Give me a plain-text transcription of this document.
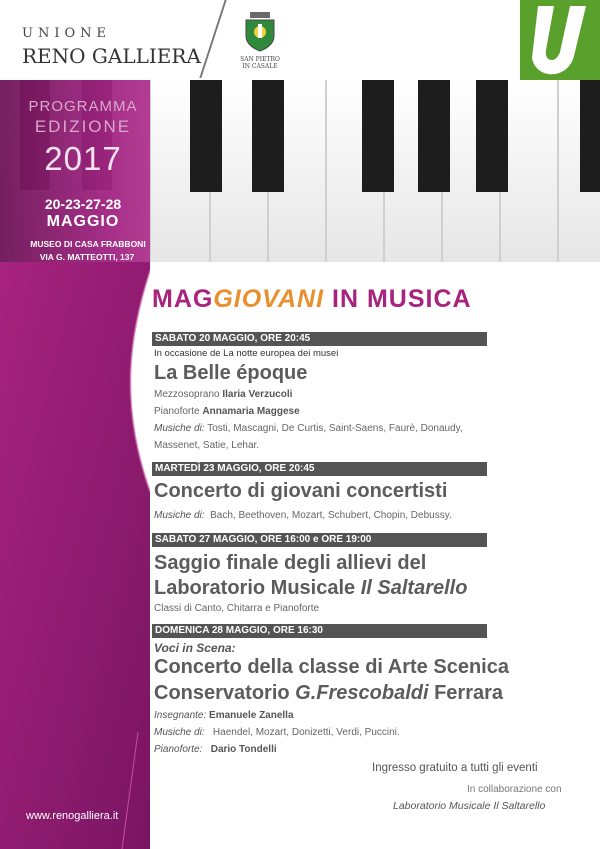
UNIONE
RENO GALLIERA	SAN PIETRO
IN CASALE
PROGRAMMA
EDIZIONE
2017
20-23-27-28
MAGGIO
MUSEO DI CASA FRABBONI
VIA G. MATTEOTTI, 137
MAGGIOVANI IN MUSICA
SABATO 20 MAGGIO, ORE 20:45
In occasione de La notte europea dei musei
La Belle époque
Mezzosoprano Ilaria Verzucoli
Pianoforte Annamaria Maggese
Musiche di: Tosti, Mascagni, De Curtis, Saint-Saens, Faurè, Donaudy,
Massenet, Satie, Lehar.
MARTEDÌ 23 MAGGIO, ORE 20:45
Concerto di giovani concertisti
Musiche di: Bach, Beethoven, Mozart, Schubert, Chopin, Debussy.
SABATO 27 MAGGIO, ORE 16:00 e ORE 19:00
Saggio finale degli allievi del
Laboratorio Musicale Il Saltarello
Classi di Canto, Chitarra e Pianoforte
DOMENICA 28 MAGGIO, ORE 16:30
Voci in Scena:
Concerto della classe di Arte Scenica
Conservatorio G.Frescobaldi Ferrara
Insegnante: Emanuele Zanella
Musiche di: Haendel, Mozart, Donizetti, Verdi, Puccini.
Pianoforte: Dario Tondelli
Ingresso gratuito a tutti gli eventi
In collaborazione con
Laboratorio Musicale Il Saltarello
www.renogalliera.it
